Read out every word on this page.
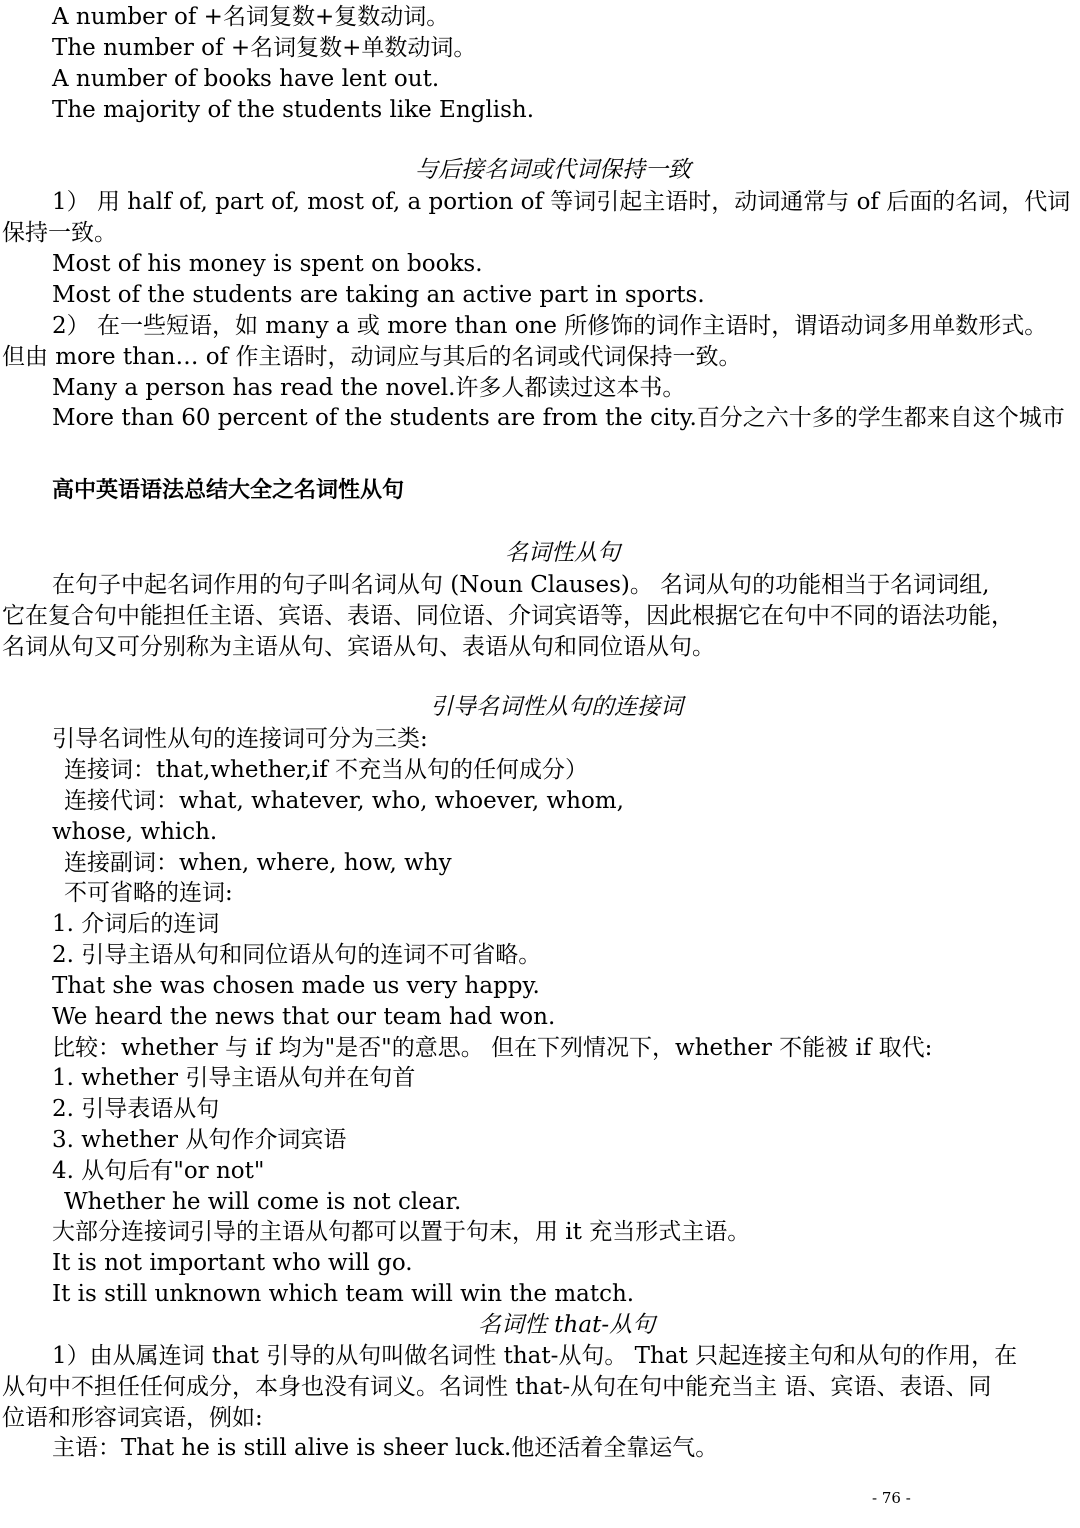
A number of +名词复数+复数动词。
The number of +名词复数+单数动词。
A number of books have lent out.
The majority of the students like English.
与后接名词或代词保持一致
1） 用 half of, part of, most of, a portion of 等词引起主语时，动词通常与 of 后面的名词，代词
保持一致。
Most of his money is spent on books.
Most of the students are taking an active part in sports.
2） 在一些短语，如 many a 或 more than one 所修饰的词作主语时，谓语动词多用单数形式。
但由 more than… of 作主语时，动词应与其后的名词或代词保持一致。
Many a person has read the novel.许多人都读过这本书。
More than 60 percent of the students are from the city.百分之六十多的学生都来自这个城市
高中英语语法总结大全之名词性从句
名词性从句
在句子中起名词作用的句子叫名词从句 (Noun Clauses)。 名词从句的功能相当于名词词组,
它在复合句中能担任主语、宾语、表语、同位语、介词宾语等，因此根据它在句中不同的语法功能，
名词从句又可分别称为主语从句、宾语从句、表语从句和同位语从句。
引导名词性从句的连接词
引导名词性从句的连接词可分为三类:
连接词：that,whether,if 不充当从句的任何成分）
连接代词：what, whatever, who, whoever, whom,
whose, which.
连接副词：when, where, how, why
不可省略的连词:
1. 介词后的连词
2. 引导主语从句和同位语从句的连词不可省略。
That she was chosen made us very happy.
We heard the news that our team had won.
比较：whether 与 if 均为"是否"的意思。 但在下列情况下，whether 不能被 if 取代:
1. whether 引导主语从句并在句首
2. 引导表语从句
3. whether 从句作介词宾语
4. 从句后有"or not"
Whether he will come is not clear.
大部分连接词引导的主语从句都可以置于句末，用 it 充当形式主语。
It is not important who will go.
It is still unknown which team will win the match.
名词性 that-从句
1）由从属连词 that 引导的从句叫做名词性 that-从句。 That 只起连接主句和从句的作用，在
从句中不担任任何成分，本身也没有词义。名词性 that-从句在句中能充当主 语、宾语、表语、同
位语和形容词宾语，例如:
主语：That he is still alive is sheer luck.他还活着全靠运气。
- 76 -
